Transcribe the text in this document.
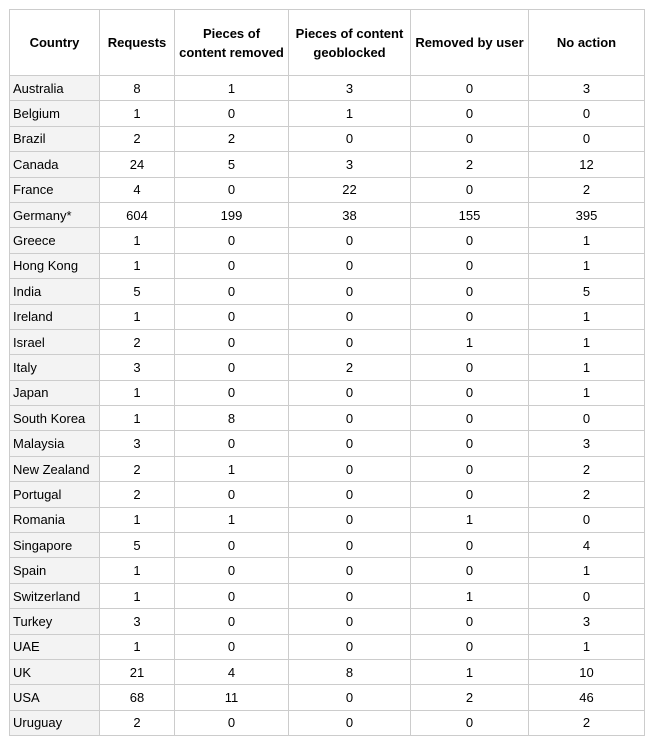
Country	Requests	Pieces of content removed	Pieces of content geoblocked	Removed by user	No action
Australia	8	1	3	0	3
Belgium	1	0	1	0	0
Brazil	2	2	0	0	0
Canada	24	5	3	2	12
France	4	0	22	0	2
Germany*	604	199	38	155	395
Greece	1	0	0	0	1
Hong Kong	1	0	0	0	1
India	5	0	0	0	5
Ireland	1	0	0	0	1
Israel	2	0	0	1	1
Italy	3	0	2	0	1
Japan	1	0	0	0	1
South Korea	1	8	0	0	0
Malaysia	3	0	0	0	3
New Zealand	2	1	0	0	2
Portugal	2	0	0	0	2
Romania	1	1	0	1	0
Singapore	5	0	0	0	4
Spain	1	0	0	0	1
Switzerland	1	0	0	1	0
Turkey	3	0	0	0	3
UAE	1	0	0	0	1
UK	21	4	8	1	10
USA	68	11	0	2	46
Uruguay	2	0	0	0	2
